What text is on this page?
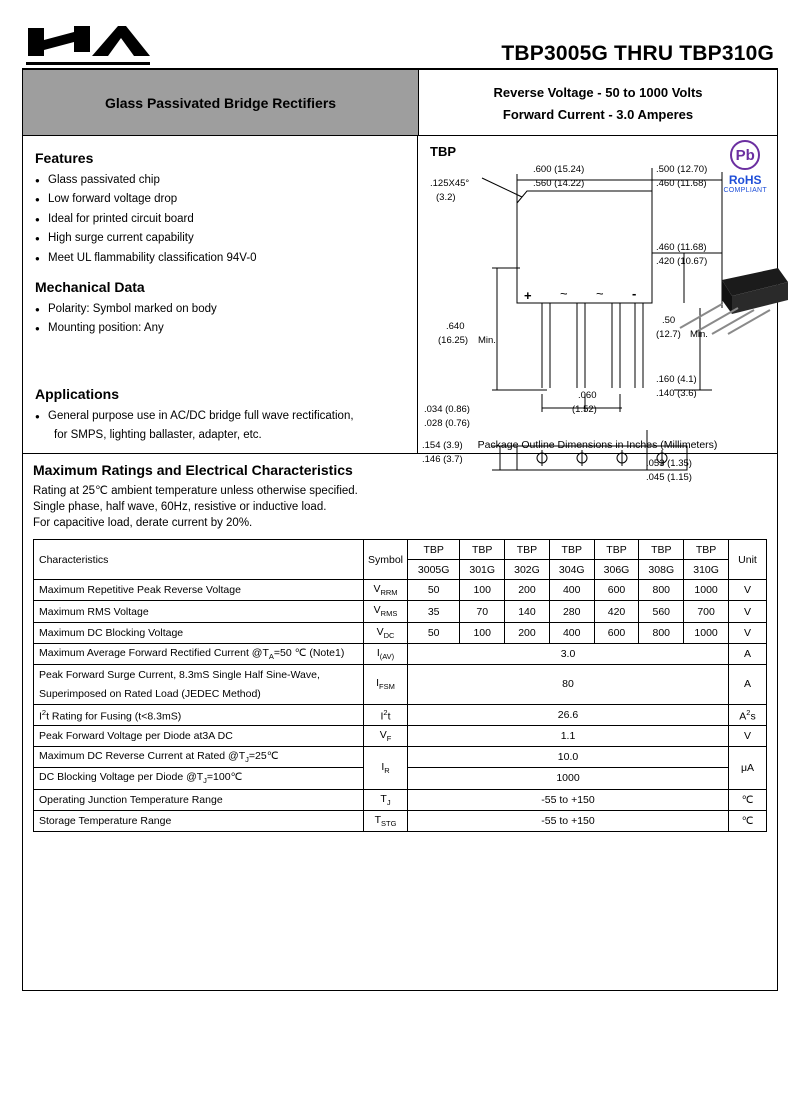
TBP3005G THRU TBP310G
Glass Passivated Bridge Rectifiers
Reverse Voltage - 50 to 1000 Volts
Forward Current - 3.0 Amperes
Features
● Glass passivated chip
● Low forward voltage drop
● Ideal for printed circuit board
● High surge current capability
● Meet UL flammability classification 94V-0
Mechanical Data
● Polarity: Symbol marked on body
● Mounting position: Any
Applications
● General purpose use in AC/DC bridge full wave rectification,
for SMPS, lighting ballaster, adapter, etc.
TBP	Pb
RoHS
COMPLIANT
.125X45°
(3.2)
.600 (15.24)
.560 (14.22)
.500 (12.70)
.460 (11.68)
.460 (11.68)
.420 (10.67)
+ ~ ~ -
.640
(16.25) Min.
.50
(12.7) Min.
.160 (4.1)
.140 (3.6)
.060
(1.52)
.034 (0.86)
.028 (0.76)
.154 (3.9)
.146 (3.7)	.053 (1.35)
.045 (1.15)
Package Outline Dimensions in Inches (Millimeters)
Maximum Ratings and Electrical Characteristics

Rating at 25℃ ambient temperature unless otherwise specified.

Single phase, half wave, 60Hz, resistive or inductive load.

For capacitive load, derate current by 20%.

Characteristics	Symbol	TBP	TBP	TBP	TBP	TBP	TBP	TBP	Unit
		3005G	301G	302G	304G	306G	308G	310G	
Maximum Repetitive Peak Reverse Voltage	$V_{RRM}$	50	100	200	400	600	800	1000	V
Maximum RMS Voltage	$V_{RMS}$	35	70	140	280	420	560	700	V
Maximum DC Blocking Voltage	$V_{DC}$	50	100	200	400	600	800	1000	V
Maximum Average Forward Rectified Current $@T_A=50$ ℃ (Note1)	$I_{(AV)}$	3.0							A
Peak Forward Surge Current, 8.3mS Single Half Sine-Wave,	$I_{FSM}$	80							A
Superimposed on Rated Load (JEDEC Method)									
$I^2t$ Rating for Fusing (t<8.3mS)	$I^2t$	26.6							$A^2s$
Peak Forward Voltage per Diode at3A DC	$V_F$	1.1							V
Maximum DC Reverse Current at Rated $@T_J=25℃$	$I_R$	10.0							μA
DC Blocking Voltage per Diode $@T_J=100℃$		1000							
Operating Junction Temperature Range	$T_J$	-55 to +150							℃
Storage Temperature Range	$T_{STG}$	-55 to +150							℃
